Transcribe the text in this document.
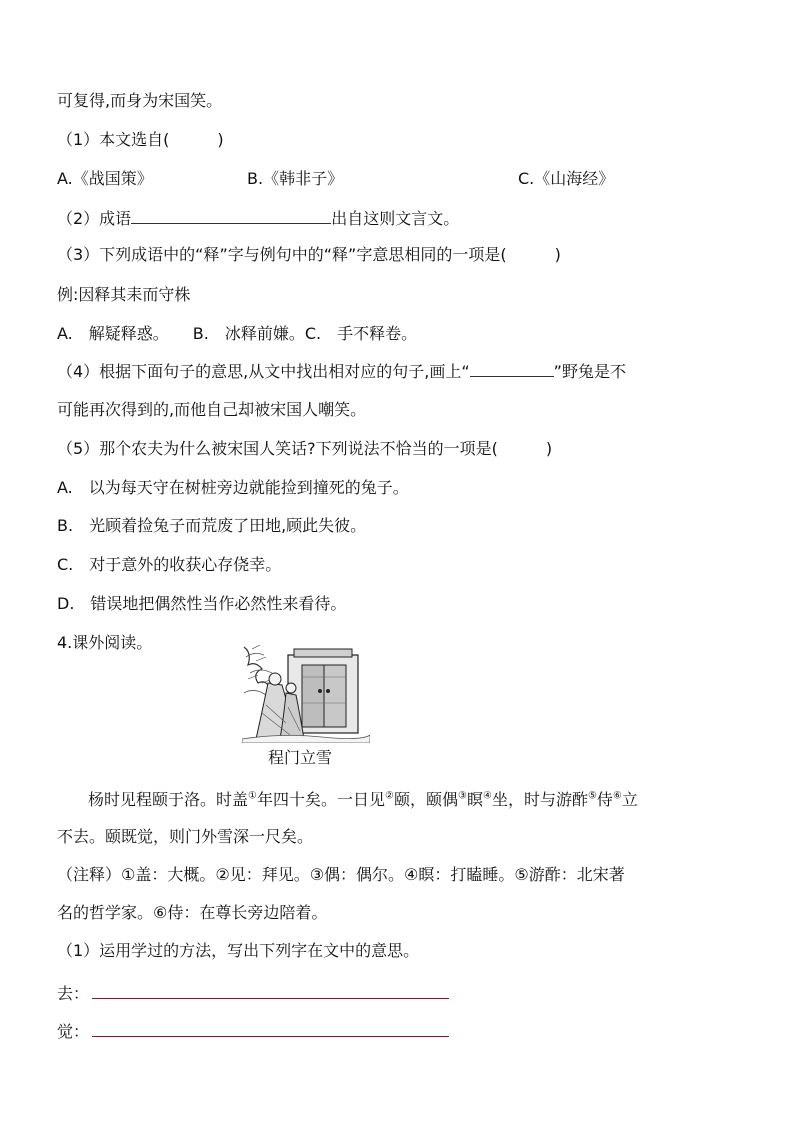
可复得,而身为宋国笑。
（1）本文选自(　　　)
A.《战国策》	B.《韩非子》	C.《山海经》
（2）成语	出自这则文言文。
（3）下列成语中的“释”字与例句中的“释”字意思相同的一项是(　　　)
例:因释其耒而守株
A.　解疑释惑。　　B.　冰释前嫌。C.　手不释卷。
（4）根据下面句子的意思,从文中找出相对应的句子,画上“	”野兔是不
可能再次得到的,而他自己却被宋国人嘲笑。
（5）那个农夫为什么被宋国人笑话?下列说法不恰当的一项是(　　　)
A.　以为每天守在树桩旁边就能捡到撞死的兔子。
B.　光顾着捡兔子而荒废了田地,顾此失彼。
C.　对于意外的收获心存侥幸。
D.　错误地把偶然性当作必然性来看待。
4.课外阅读。
程门立雪
杨时见程颐于洛。时盖①年四十矣。一日见②颐，颐偶③瞑④坐，时与游酢⑤侍⑥立
不去。颐既觉，则门外雪深一尺矣。
（注释）①盖：大概。②见：拜见。③偶：偶尔。④瞑：打瞌睡。⑤游酢：北宋著
名的哲学家。⑥侍：在尊长旁边陪着。
（1）运用学过的方法，写出下列字在文中的意思。
去：
觉：
